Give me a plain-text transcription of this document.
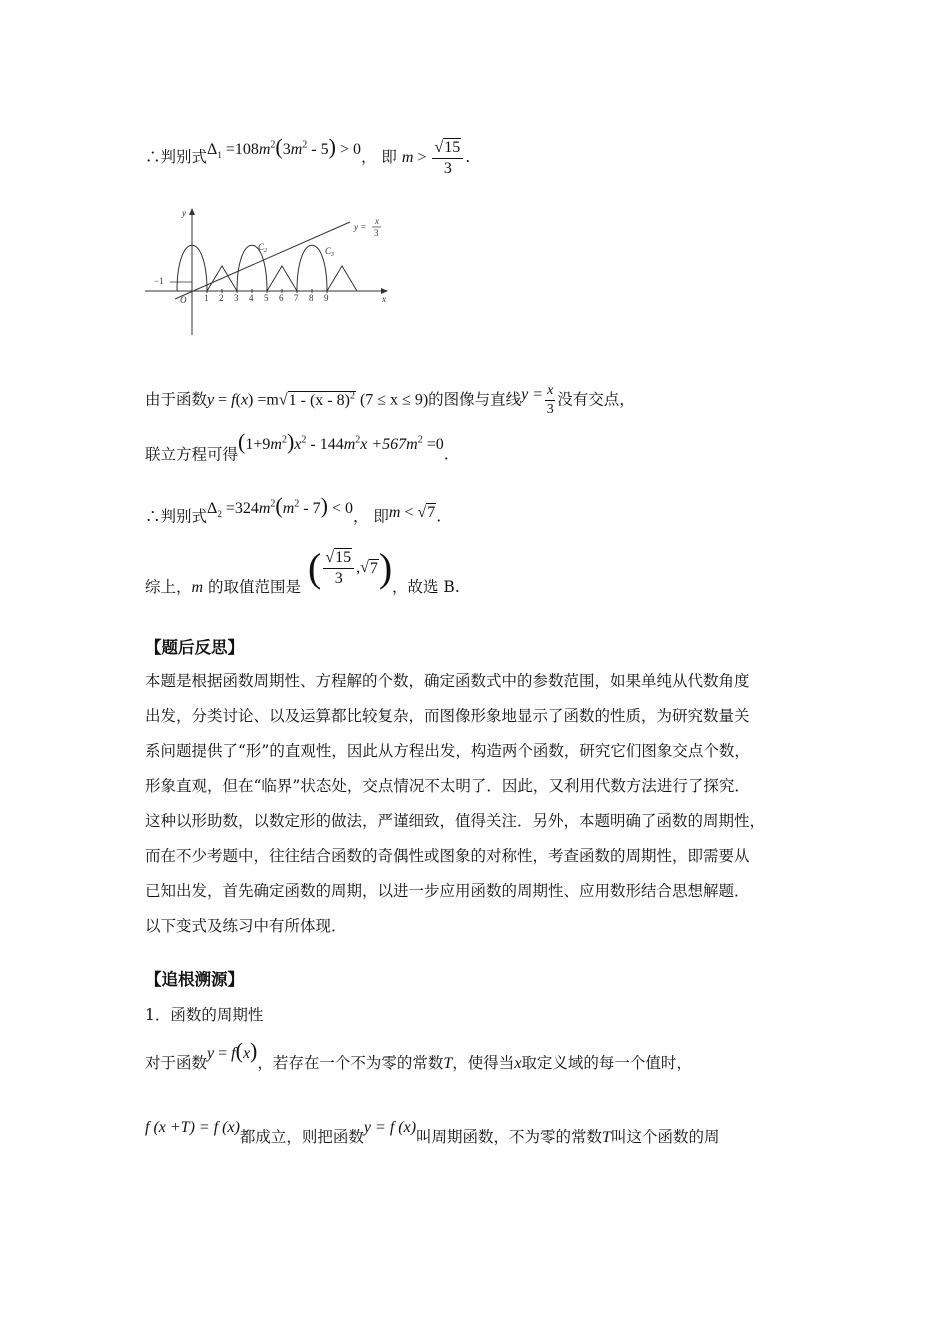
∴判别式$\Delta_1 =108m^2(3m^2 - 5) > 0$， 即 $m > \frac{√15}{3}$ .
y
x
O
−1
1 2 3 4 5 6 7 8 9
$C_2$	$C_3$
y =
x
3
由于函数y = f(x) =m√1 - (x - 8)$^2$ (7 ≤ x ≤ 9)的图像与直线$y = \frac{x}{3}$ 没有交点，
联立方程可得$(1+9m^2)x^2 - 144m^2x +567m^2 =0$.
∴判别式$\Delta_2 =324m^2(m^2 - 7) < 0$， 即m < √7.
综上，m 的取值范围是 ( $\frac{√15}{3}$ , √ 7 ) ，故选 B.
【题后反思】

本题是根据函数周期性、方程解的个数，确定函数式中的参数范围，如果单纯从代数角度

出发，分类讨论、以及运算都比较复杂，而图像形象地显示了函数的性质，为研究数量关

系问题提供了“形”的直观性，因此从方程出发，构造两个函数，研究它们图象交点个数，

形象直观，但在“临界”状态处，交点情况不太明了．因此，又利用代数方法进行了探究．

这种以形助数，以数定形的做法，严谨细致，值得关注．另外，本题明确了函数的周期性，

而在不少考题中，往往结合函数的奇偶性或图象的对称性，考查函数的周期性，即需要从

已知出发，首先确定函数的周期，以进一步应用函数的周期性、应用数形结合思想解题．

以下变式及练习中有所体现．

【追根溯源】
1．函数的周期性
对于函数y = f(x)，若存在一个不为零的常数T，使得当x取定义域的每一个值时，
f (x +T) = f (x)都成立，则把函数y = f (x)叫周期函数，不为零的常数T叫这个函数的周
